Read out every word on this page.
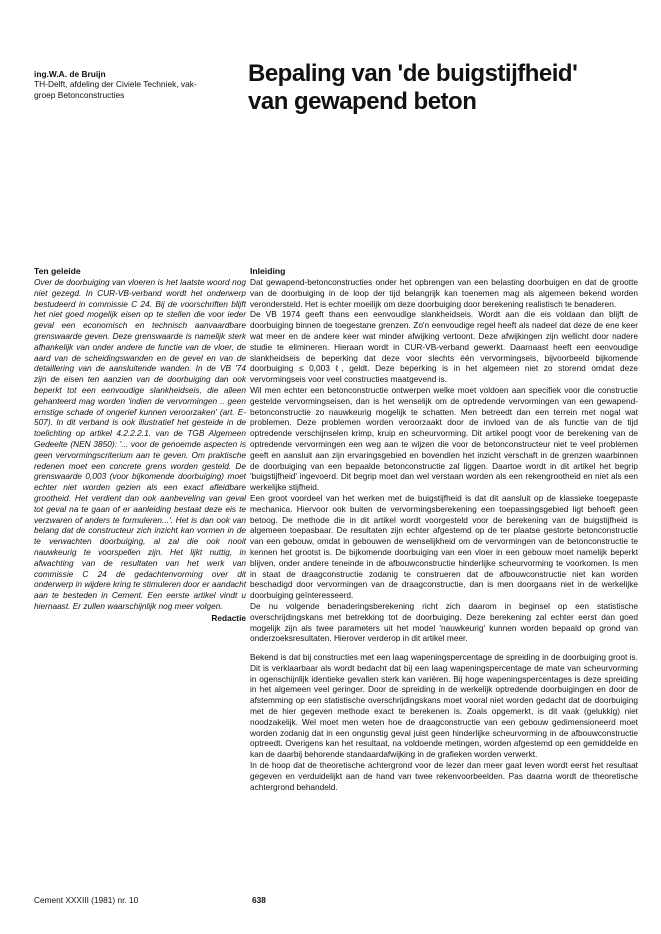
ing.W.A. de Bruijn
TH-Delft, afdeling der Civiele Techniek, vak-
groep Betonconstructies
Bepaling van 'de buigstijfheid'
van gewapend beton
Ten geleide

Over de doorbuiging van vloeren is het laatste woord nog niet gezegd. In CUR-VB-verband wordt het onderwerp bestudeerd in commissie C 24. Bij de voorschriften blijft het niet goed mogelijk eisen op te stellen die voor ieder geval een economisch en technisch aanvaardbare grenswaarde geven. Deze grenswaarde is namelijk sterk afhankelijk van onder andere de functie van de vloer, de aard van de scheidingswanden en de gevel en van de detaillering van de aansluitende wanden. In de VB '74 zijn de eisen ten aanzien van de doorbuiging dan ook beperkt tot een eenvoudige slankheidseis, die alleen gehanteerd mag worden 'indien de vervormingen .. geen ernstige schade of ongerief kunnen veroorzaken' (art. E-507). In dit verband is ook illustratief het gesteide in de toelichting op artikel 4.2.2.2.1. van de TGB Algemeen Gedeelte (NEN 3850): '... voor de genoemde aspecten is geen vervormingscriterium aan te geven. Om praktische redenen moet een concrete grens worden gesteld. De grenswaarde 0,003 (voor bijkomende doorbuiging) moet echter niet worden gezien als een exact afleidbare grootheid. Het verdient dan ook aanbeveling van geval tot geval na te gaan of er aanleiding bestaat deze eis te verzwaren of anders te formuleren...'. Het is dan ook van belang dat de constructeur zich inzicht kan vormen in de te verwachten doorbuiging, al zal die ook nooit nauwkeurig te voorspellen zijn. Het lijkt nuttig, in afwachting van de resultaten van het werk van commissie C 24 de gedachtenvorming over dit onderwerp in wijdere kring te stimuleren door er aandacht aan te besteden in Cement. Een eerste artikel vindt u hiernaast. Er zullen waarschijnlijk nog meer volgen.

Redactie
Inleiding

Dat gewapend-betonconstructies onder het opbrengen van een belasting doorbuigen en dat de grootte van de doorbuiging in de loop der tijd belangrijk kan toenemen mag als algemeen bekend worden verondersteld. Het is echter moeilijk om deze doorbuiging door berekening realistisch te benaderen.

De VB 1974 geeft thans een eenvoudige slankheidseis. Wordt aan die eis voldaan dan blijft de doorbuiging binnen de toegestane grenzen. Zo'n eenvoudige regel heeft als nadeel dat deze de ene keer wat meer en de andere keer wat minder afwijking vertoont. Deze afwijkingen zijn wellicht door nadere studie te elimineren. Hieraan wordt in CUR-VB-verband gewerkt. Daarnaast heeft een eenvoudige slankheidseis de beperking dat deze voor slechts één vervormingseis, bijvoorbeeld bijkomende doorbuiging ≤ 0,003 ℓ, geldt. Deze beperking is in het algemeen niet zo storend omdat deze vervormingseis voor veel constructies maatgevend is.

Wil men echter een betonconstructie ontwerpen welke moet voldoen aan specifiek voor die constructie gestelde vervormingseisen, dan is het wenselijk om de optredende vervormingen van een gewapend-betonconstructie zo nauwkeurig mogelijk te schatten. Men betreedt dan een terrein met nogal wat problemen. Deze problemen worden veroorzaakt door de invloed van de als functie van de tijd optredende verschijnselen krimp, kruip en scheurvorming. Dit artikel poogt voor de berekening van de optredende vervormingen een weg aan te wijzen die voor de betonconstructeur niet te veel problemen geeft en aansluit aan zijn ervaringsgebied en bovendien het inzicht verschaft in de grenzen waarbinnen de doorbuiging van een bepaalde betonconstructie zal liggen. Daartoe wordt in dit artikel het begrip 'buigstijfheid' ingevoerd. Dit begrip moet dan wel verstaan worden als een rekengrootheid en niet als een werkelijke stijfheid.

Een groot voordeel van het werken met de buigstijfheid is dat dit aansluit op de klassieke toegepaste mechanica. Hiervoor ook buiten de vervormingsberekening een toepassingsgebied ligt behoeft geen betoog. De methode die in dit artikel wordt voorgesteld voor de berekening van de buigstijfheid is algemeen toepasbaar. De resultaten zijn echter afgestemd op de ter plaatse gestorte betonconstructie van een gebouw, omdat in gebouwen de wenselijkheid om de vervormingen van de betonconstructie te kennen het grootst is. De bijkomende doorbuiging van een vloer in een gebouw moet namelijk beperkt blijven, onder andere teneinde in de afbouwconstructie hinderlijke scheurvorming te voorkomen. Is men in staat de draagconstructie zodanig te construeren dat de afbouwconstructie niet kan worden beschadigd door vervormingen van de draagconstructie, dan is men doorgaans niet in de werkelijke doorbuiging geïnteresseerd.

De nu volgende benaderingsberekening richt zich daarom in beginsel op een statistische overschrijdingskans met betrekking tot de doorbuiging. Deze berekening zal echter eerst dan goed mogelijk zijn als twee parameters uit het model 'nauwkeurig' kunnen worden bepaald op grond van onderzoeksresultaten. Hierover verderop in dit artikel meer.

Bekend is dat bij constructies met een laag wapeningspercentage de spreiding in de doorbuiging groot is. Dit is verklaarbaar als wordt bedacht dat bij een laag wapeningspercentage de mate van scheurvorming in ogenschijnlijk identieke gevallen sterk kan variëren. Bij hoge wapeningspercentages is deze spreiding in het algemeen veel geringer. Door de spreiding in de werkelijk optredende doorbuigingen en door de afstemming op een statistische overschrijdingskans moet vooral niet worden gedacht dat de doorbuiging met de hier gegeven methode exact te berekenen is. Zoals opgemerkt, is dit vaak (gelukkig) niet noodzakelijk. Wel moet men weten hoe de draagconstructie van een gebouw gedimensioneerd moet worden zodanig dat in een ongunstig geval juist geen hinderlijke scheurvorming in de afbouwconstructie optreedt. Overigens kan het resultaat, na voldoende metingen, worden afgestemd op een gemiddelde en kan de daarbij behorende standaardafwijking in de grafieken worden verwerkt.

In de hoop dat de theoretische achtergrond voor de lezer dan meer gaat leven wordt eerst het resultaat gegeven en verduidelijkt aan de hand van twee rekenvoorbeelden. Pas daarna wordt de theoretische achtergrond behandeld.

Cement XXXIII (1981) nr. 10	638
